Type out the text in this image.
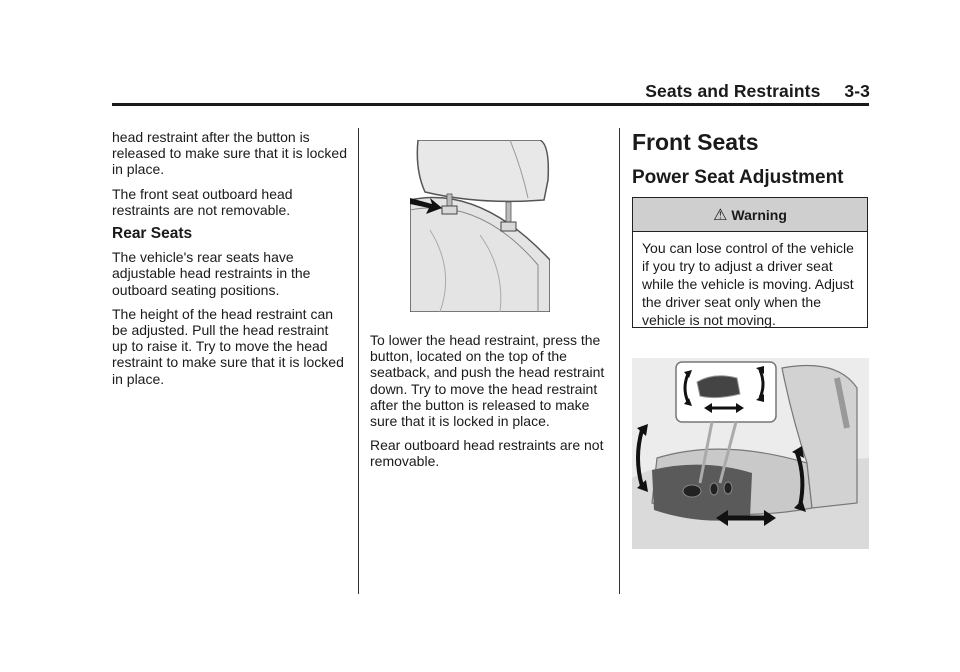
Seats and Restraints 3-3

head restraint after the button is released to make sure that it is locked in place.

The front seat outboard head restraints are not removable.

Rear Seats

The vehicle's rear seats have adjustable head restraints in the outboard seating positions.

The height of the head restraint can be adjusted. Pull the head restraint up to raise it. Try to move the head restraint to make sure that it is locked in place.

To lower the head restraint, press the button, located on the top of the seatback, and push the head restraint down. Try to move the head restraint after the button is released to make sure that it is locked in place.

Rear outboard head restraints are not removable.

Front Seats
Power Seat Adjustment
⚠ Warning
You can lose control of the vehicle if you try to adjust a driver seat while the vehicle is moving. Adjust the driver seat only when the vehicle is not moving.
